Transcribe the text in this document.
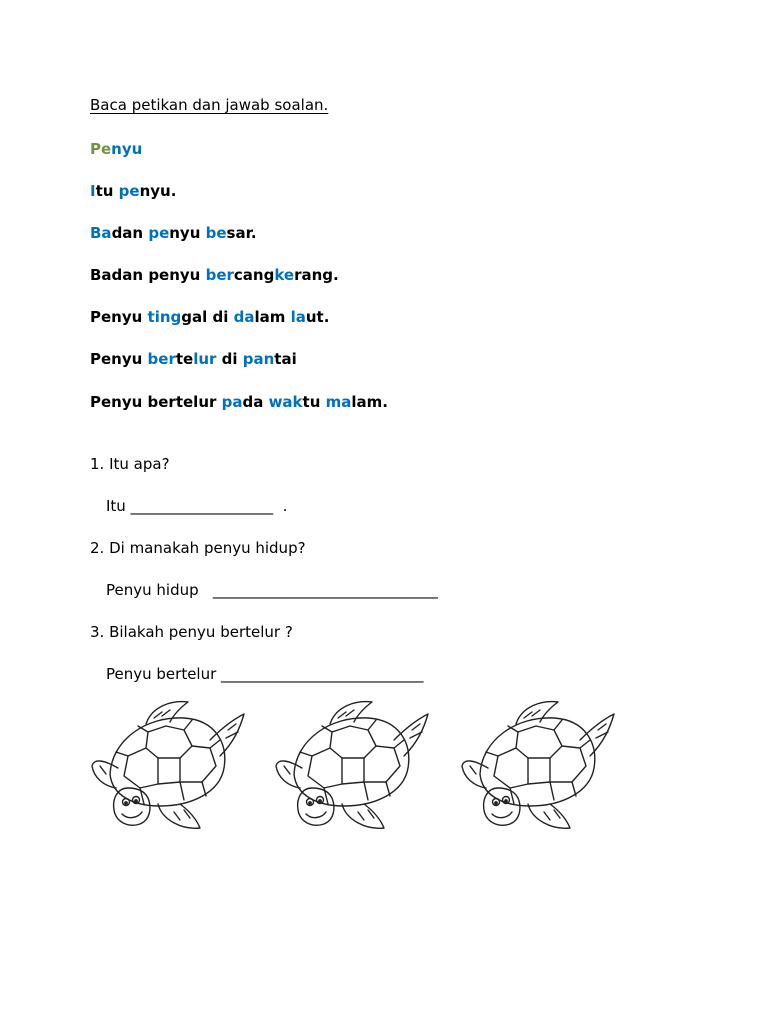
Baca petikan dan jawab soalan.
Penyu
Itu penyu.
Badan penyu besar.
Badan penyu bercangkerang.
Penyu tinggal di dalam laut.
Penyu bertelur di pantai
Penyu bertelur pada waktu malam.
1. Itu apa?
Itu ___________________  .
2. Di manakah penyu hidup?
Penyu hidup   ______________________________
3. Bilakah penyu bertelur ?
Penyu bertelur ___________________________
